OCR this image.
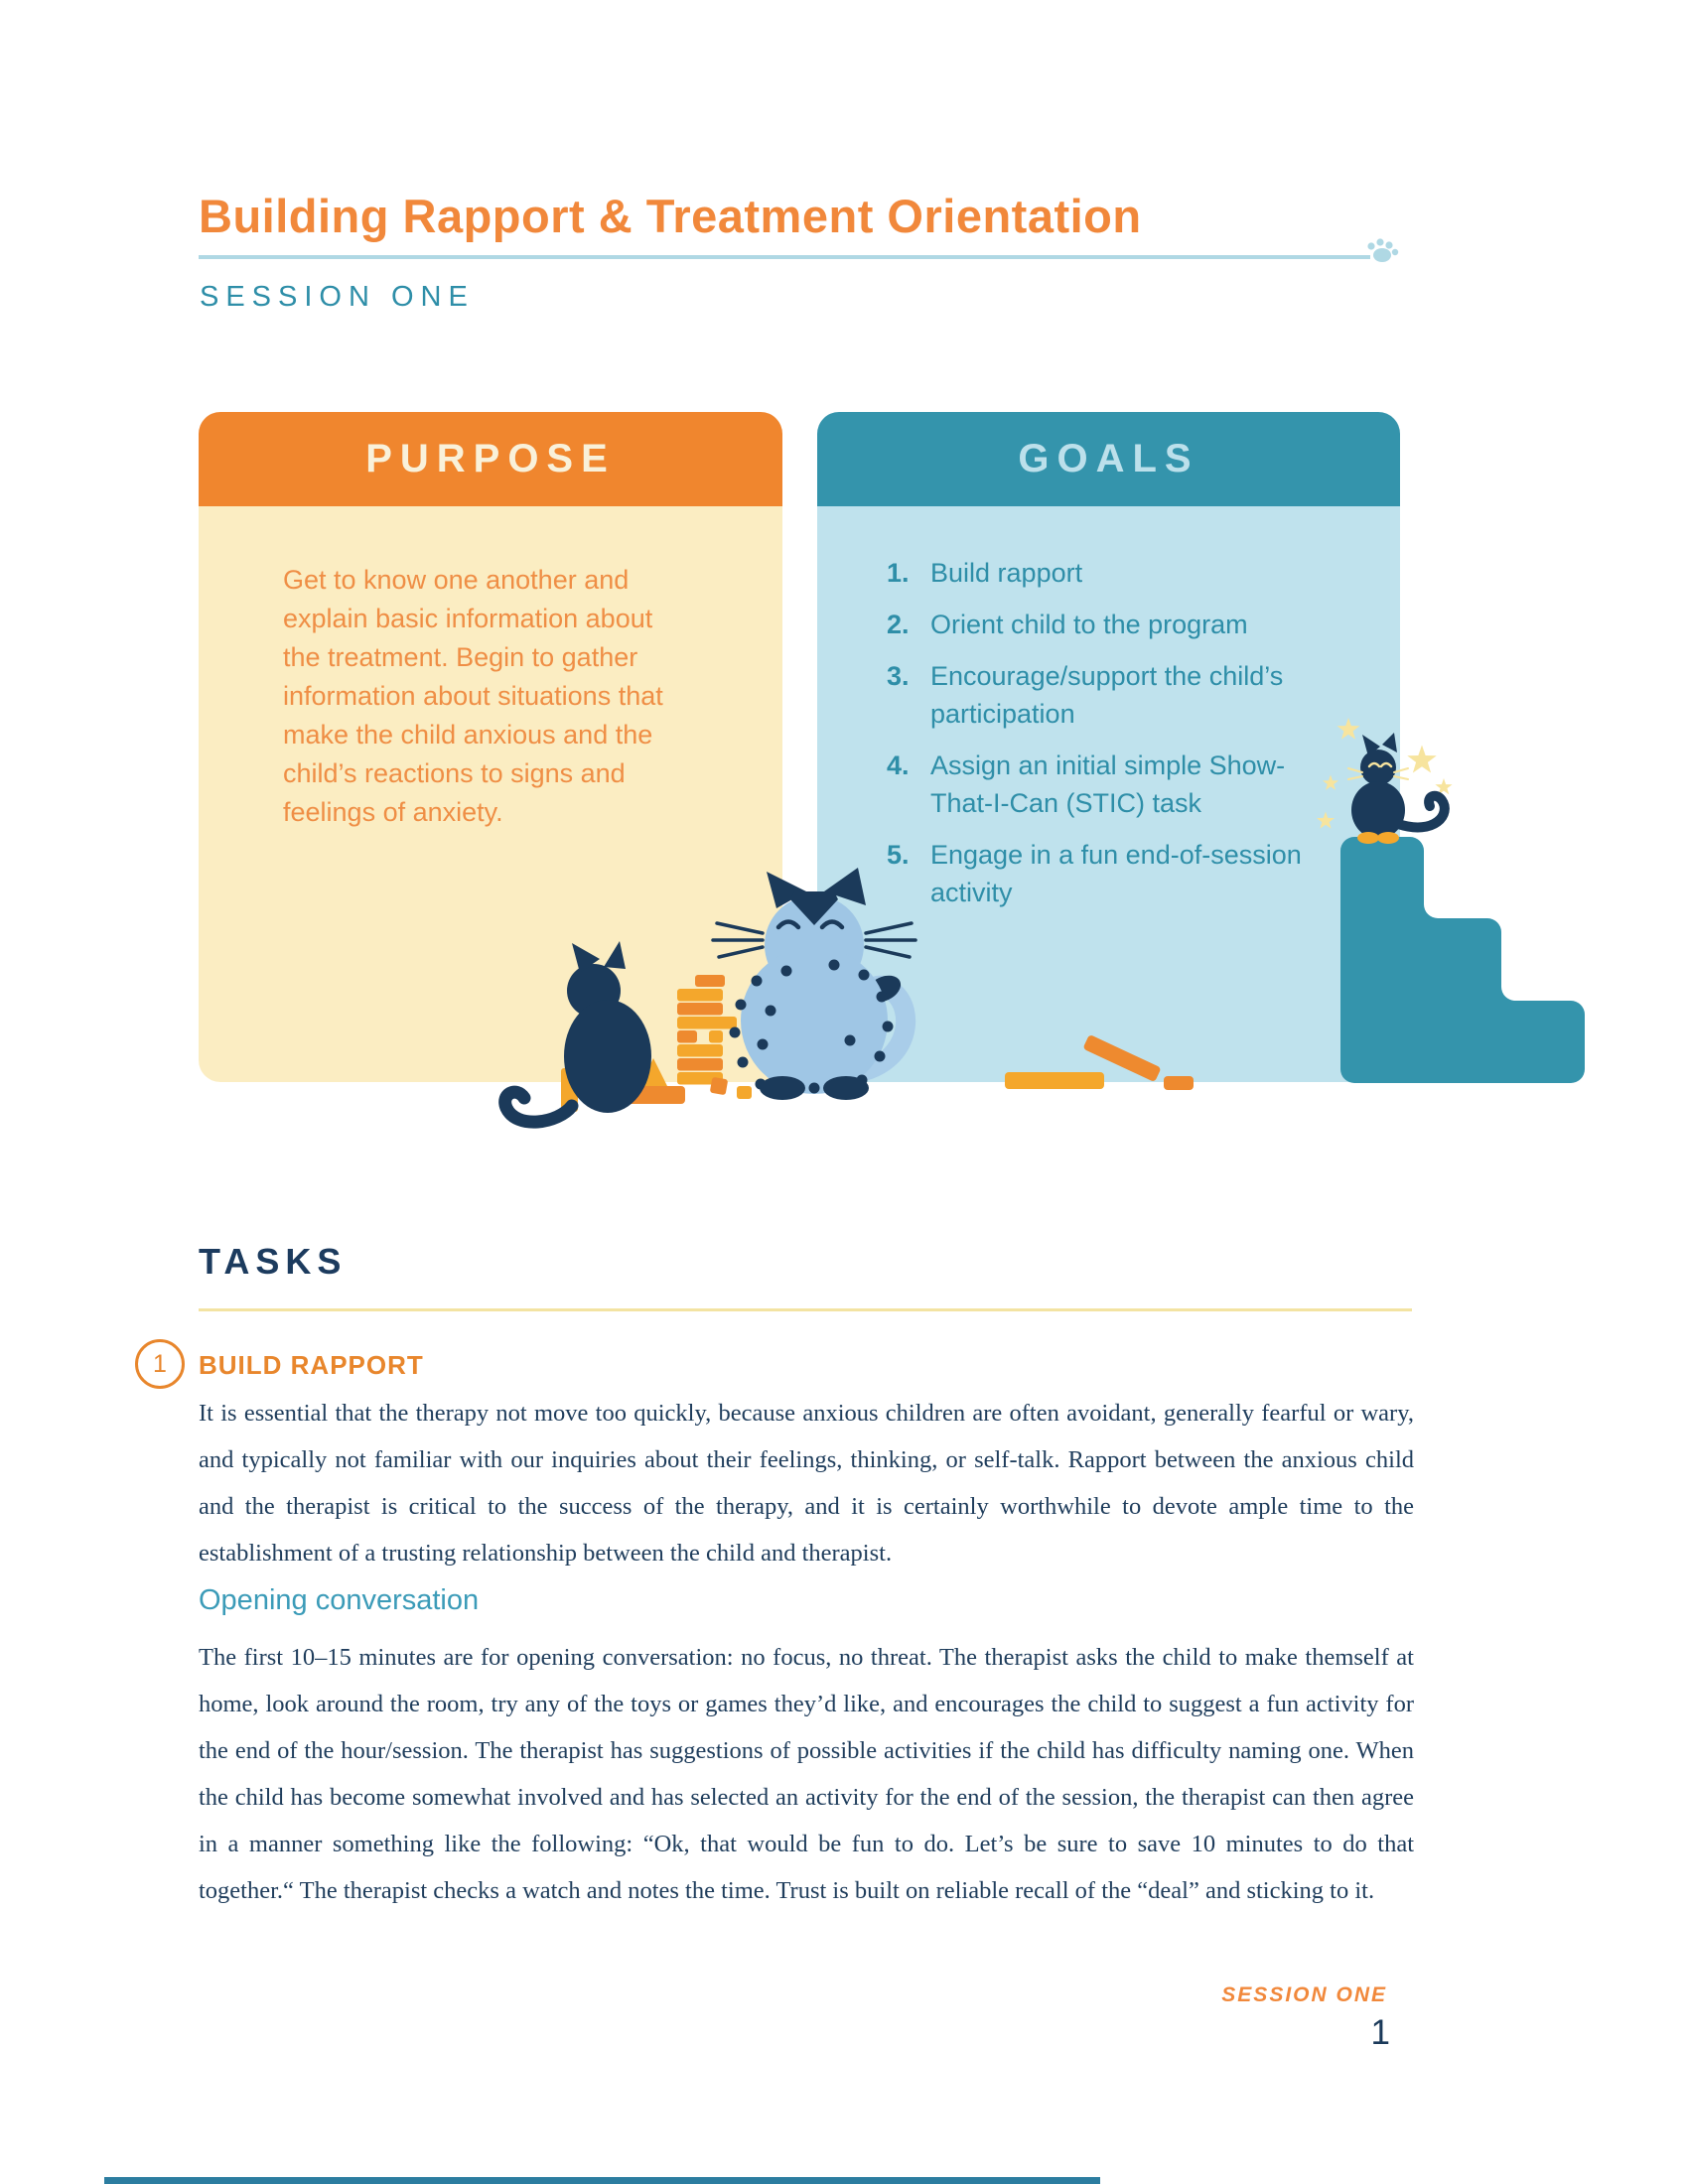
Building Rapport & Treatment Orientation
SESSION ONE
PURPOSE
Get to know one another and explain basic information about the treatment. Begin to gather information about situations that make the child anxious and the child’s reactions to signs and feelings of anxiety.
GOALS
1. Build rapport
2. Orient child to the program
3. Encourage/support the child’s participation
4. Assign an initial simple Show-That-I-Can (STIC) task
5. Engage in a fun end-of-session activity
TASKS
1	BUILD RAPPORT
It is essential that the therapy not move too quickly, because anxious children are often avoidant, generally fearful or wary, and typically not familiar with our inquiries about their feelings, thinking, or self-talk. Rapport between the anxious child and the therapist is critical to the success of the therapy, and it is certainly worthwhile to devote ample time to the establishment of a trusting relationship between the child and therapist.
Opening conversation
The first 10–15 minutes are for opening conversation: no focus, no threat. The therapist asks the child to make themself at home, look around the room, try any of the toys or games they’d like, and encourages the child to suggest a fun activity for the end of the hour/session. The therapist has suggestions of possible activities if the child has difficulty naming one. When the child has become somewhat involved and has selected an activity for the end of the session, the therapist can then agree in a manner something like the following: “Ok, that would be fun to do. Let’s be sure to save 10 minutes to do that together.“ The therapist checks a watch and notes the time. Trust is built on reliable recall of the “deal” and sticking to it.
SESSION ONE
1
